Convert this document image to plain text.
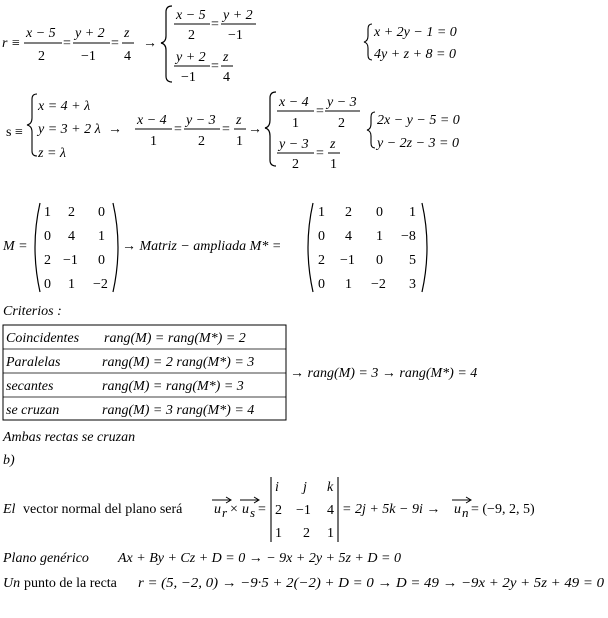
r ≡
x − 5
2
=
y + 2
−1
=
z
4
→
x − 5
2
=
y + 2
−1
y + 2
−1
=
z
4
x + 2y − 1 = 0
4y + z + 8 = 0
s ≡
x = 4 + λ
y = 3 + 2 λ
z = λ
→
x − 4
1
=
y − 3
2
=
z
1
→
x − 4
1
=
y − 3
2
y − 3
2
=
z
1
2x − y − 5 = 0
y − 2z − 3 = 0
M =
1 2 0
0 4 1
2 −1 0
0 1 −2
→ Matriz − ampliada M* =
1 2 0 1
0 4 1 −8
2 −1 0 5
0 1 −2 3
Criterios :
Coincidentes rang(M) = rang(M*) = 2
Paralelas	rang(M) = 2 rang(M*) = 3
secantes	rang(M) = rang(M*) = 3
se cruzan	rang(M) = 3 rang(M*) = 4
→ rang(M) = 3 → rang(M*) = 4
Ambas rectas se cruzan
b)
El vector normal del plano será u r × u s =
i j k
2 −1 4
1 2 1
= 2j + 5k − 9i → u n = (−9, 2, 5)
Plano genérico Ax + By + Cz + D = 0 → − 9x + 2y + 5z + D = 0
Un punto de la recta r = (5, −2, 0) → −9·5 + 2(−2) + D = 0 → D = 49 → −9x + 2y + 5z + 49 = 0
